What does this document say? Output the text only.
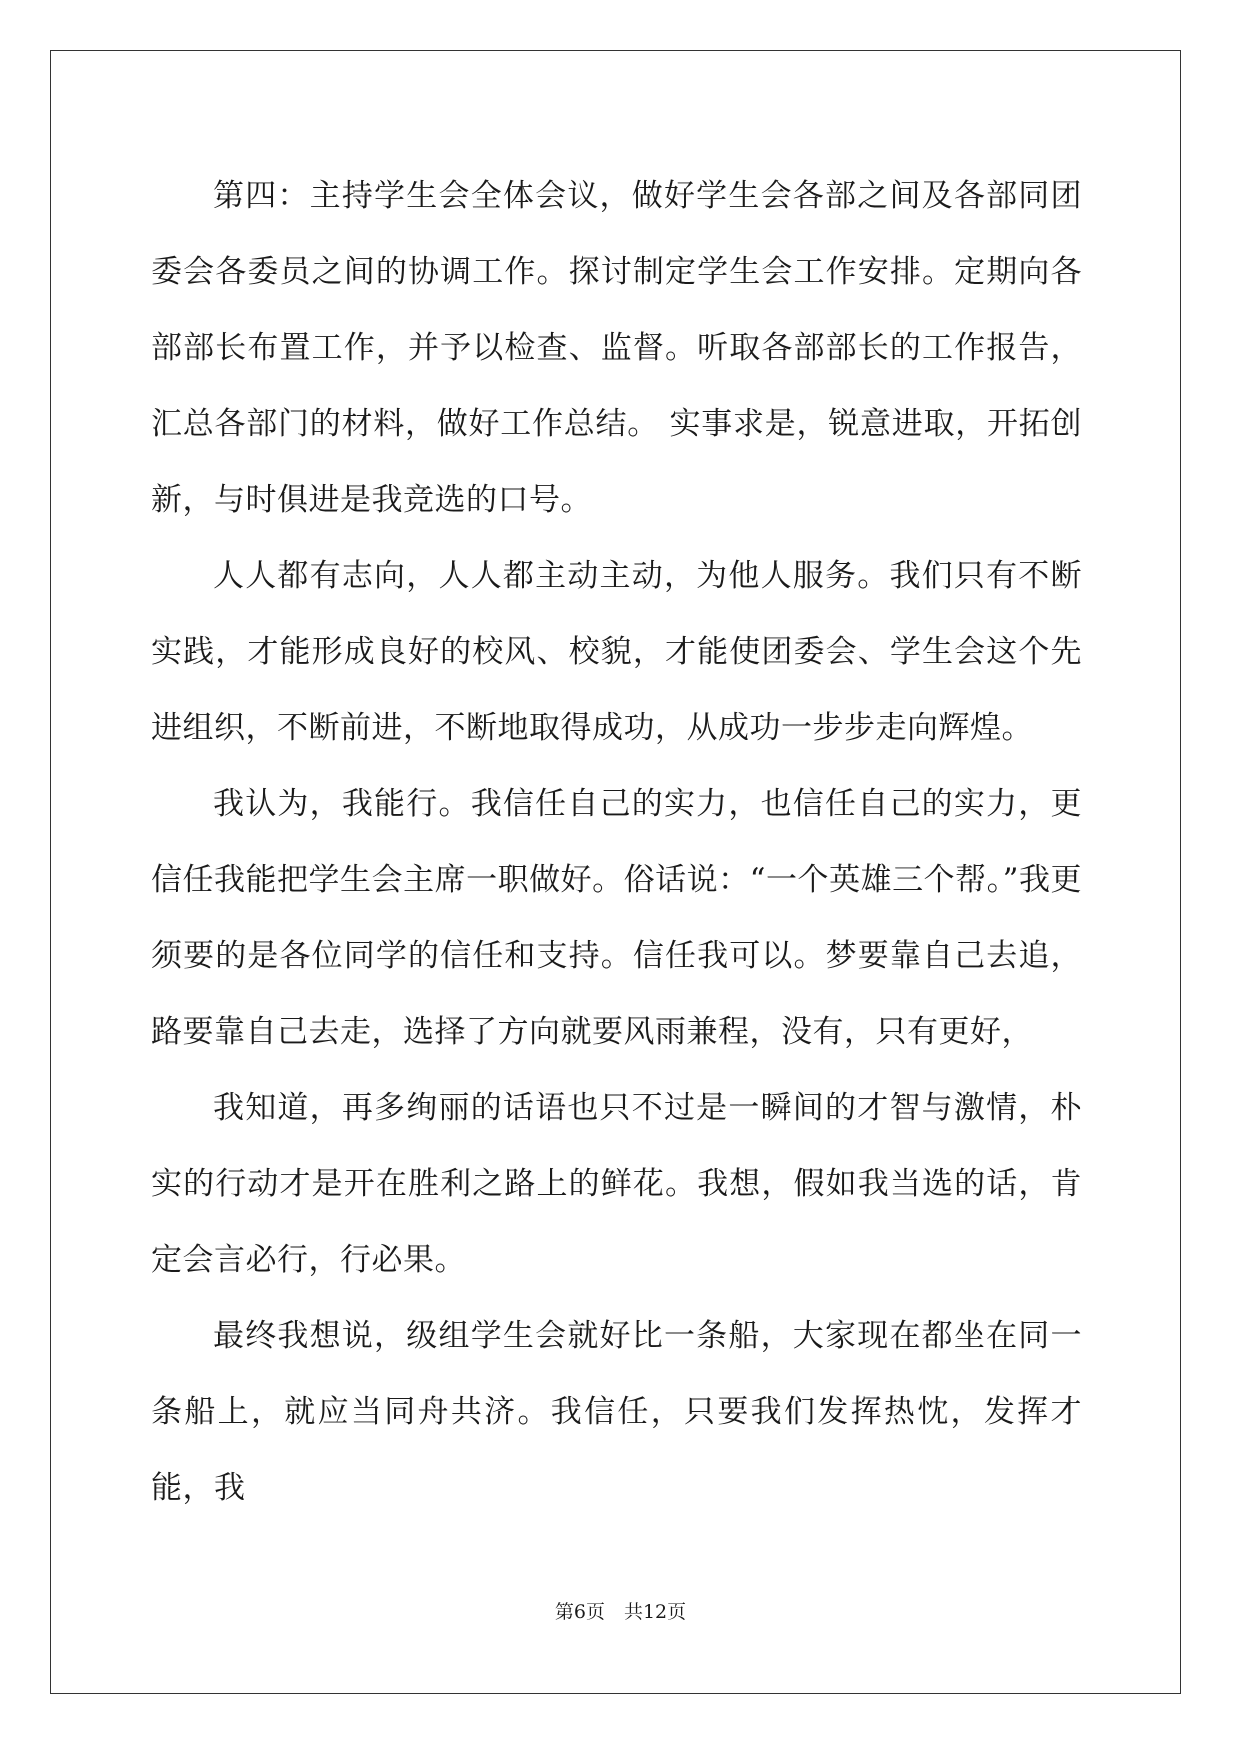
第四：主持学生会全体会议，做好学生会各部之间及各部同团委会各委员之间的协调工作。探讨制定学生会工作安排。定期向各部部长布置工作，并予以检查、监督。听取各部部长的工作报告，汇总各部门的材料，做好工作总结。 实事求是，锐意进取，开拓创新，与时俱进是我竞选的口号。

人人都有志向，人人都主动主动，为他人服务。我们只有不断实践，才能形成良好的校风、校貌，才能使团委会、学生会这个先进组织，不断前进，不断地取得成功，从成功一步步走向辉煌。

我认为，我能行。我信任自己的实力，也信任自己的实力，更信任我能把学生会主席一职做好。俗话说：“一个英雄三个帮。”我更须要的是各位同学的信任和支持。信任我可以。梦要靠自己去追，路要靠自己去走，选择了方向就要风雨兼程，没有，只有更好，

我知道，再多绚丽的话语也只不过是一瞬间的才智与激情，朴实的行动才是开在胜利之路上的鲜花。我想，假如我当选的话，肯定会言必行，行必果。

最终我想说，级组学生会就好比一条船，大家现在都坐在同一条船上，就应当同舟共济。我信任，只要我们发挥热忱，发挥才能，我

第6页　共12页
